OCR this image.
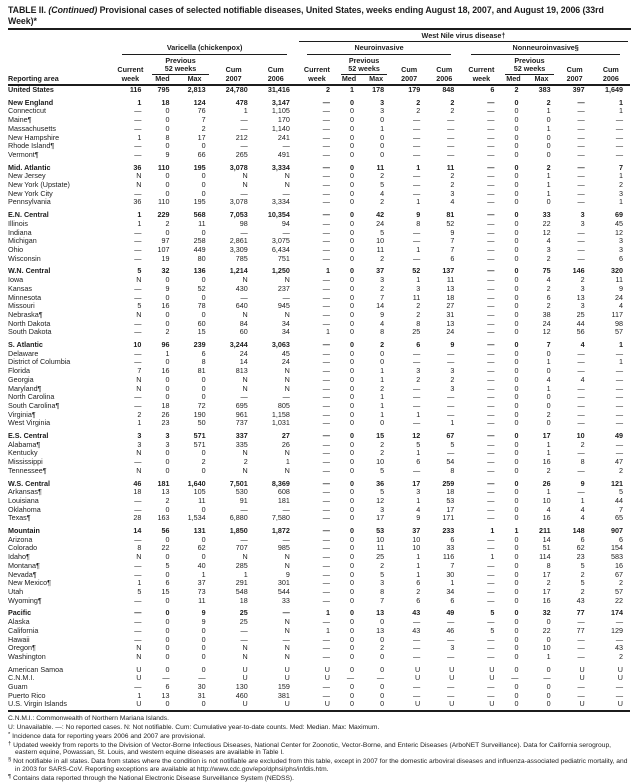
TABLE II. (Continued) Provisional cases of selected notifiable diseases, United States, weeks ending August 18, 2007, and August 19, 2006 (33rd Week)*

						West Nile virus disease†									

	Varicella (chickenpox)					Neuroinvasive					Nonneuroinvasive§				

	Current	
Previous
52 weeks	Cum	Cum	Current	
Previous
52 weeks	Cum	Cum	Current	
Previous
52 weeks	Cum	Cum
Reporting area	week	Med	Max	2007	2006	week	Med	Max	2007	2006	week	Med	Max	2007	2006
United States	116	795	2,813	24,780	31,416	2	1	178	179	848	6	2	383	397	1,649
New England	1	18	124	478	3,147	—	0	3	2	2	—	0	2	—	1
Connecticut	—	0	76	1	1,105	—	0	3	2	2	—	0	1	—	1
Maine¶	—	0	7	—	170	—	0	0	—	—	—	0	0	—	—
Massachusetts	—	0	2	—	1,140	—	0	1	—	—	—	0	1	—	—
New Hampshire	1	8	17	212	241	—	0	0	—	—	—	0	0	—	—
Rhode Island¶	—	0	0	—	—	—	0	0	—	—	—	0	0	—	—
Vermont¶	—	9	66	265	491	—	0	0	—	—	—	0	0	—	—
Mid. Atlantic	36	110	195	3,078	3,334	—	0	11	1	11	—	0	2	—	7
New Jersey	N	0	0	N	N	—	0	2	—	2	—	0	1	—	1
New York (Upstate)	N	0	0	N	N	—	0	5	—	2	—	0	1	—	2
New York City	—	0	0	—	—	—	0	4	—	3	—	0	1	—	3
Pennsylvania	36	110	195	3,078	3,334	—	0	2	1	4	—	0	0	—	1
E.N. Central	1	229	568	7,053	10,354	—	0	42	9	81	—	0	33	3	69
Illinois	1	2	11	98	94	—	0	24	8	52	—	0	22	3	45
Indiana	—	0	0	—	—	—	0	5	—	9	—	0	12	—	12
Michigan	—	97	258	2,861	3,075	—	0	10	—	7	—	0	4	—	3
Ohio	—	107	449	3,309	6,434	—	0	11	1	7	—	0	3	—	3
Wisconsin	—	19	80	785	751	—	0	2	—	6	—	0	2	—	6
W.N. Central	5	32	136	1,214	1,250	1	0	37	52	137	—	0	75	146	320
Iowa	N	0	0	N	N	—	0	3	1	11	—	0	4	2	11
Kansas	—	9	52	430	237	—	0	2	3	13	—	0	2	3	9
Minnesota	—	0	0	—	—	—	0	7	11	18	—	0	6	13	24
Missouri	5	16	78	640	945	—	0	14	2	27	—	0	2	3	4
Nebraska¶	N	0	0	N	N	—	0	9	2	31	—	0	38	25	117
North Dakota	—	0	60	84	34	—	0	4	8	13	—	0	24	44	98
South Dakota	—	2	15	60	34	1	0	8	25	24	—	0	12	56	57
S. Atlantic	10	96	239	3,244	3,063	—	0	2	6	9	—	0	7	4	1
Delaware	—	1	6	24	45	—	0	0	—	—	—	0	0	—	—
District of Columbia	—	0	8	14	24	—	0	0	—	—	—	0	1	—	1
Florida	7	16	81	813	N	—	0	1	3	3	—	0	0	—	—
Georgia	N	0	0	N	N	—	0	1	2	2	—	0	4	4	—
Maryland¶	N	0	0	N	N	—	0	2	—	3	—	0	1	—	—
North Carolina	—	0	0	—	—	—	0	1	—	—	—	0	0	—	—
South Carolina¶	—	18	72	695	805	—	0	1	—	—	—	0	0	—	—
Virginia¶	2	26	190	961	1,158	—	0	1	1	—	—	0	2	—	—
West Virginia	1	23	50	737	1,031	—	0	0	—	1	—	0	0	—	—
E.S. Central	3	3	571	337	27	—	0	15	12	67	—	0	17	10	49
Alabama¶	3	3	571	335	26	—	0	2	5	5	—	0	1	2	—
Kentucky	N	0	0	N	N	—	0	2	1	—	—	0	1	—	—
Mississippi	—	0	2	2	1	—	0	10	6	54	—	0	16	8	47
Tennessee¶	N	0	0	N	N	—	0	5	—	8	—	0	2	—	2
W.S. Central	46	181	1,640	7,501	8,369	—	0	36	17	259	—	0	26	9	121
Arkansas¶	18	13	105	530	608	—	0	5	3	18	—	0	1	—	5
Louisiana	—	2	11	91	181	—	0	12	1	53	—	0	10	1	44
Oklahoma	—	0	0	—	—	—	0	3	4	17	—	0	4	4	7
Texas¶	28	163	1,534	6,880	7,580	—	0	17	9	171	—	0	16	4	65
Mountain	14	56	131	1,850	1,872	—	0	53	37	233	1	1	211	148	907
Arizona	—	0	0	—	—	—	0	10	10	6	—	0	14	6	6
Colorado	8	22	62	707	985	—	0	11	10	33	—	0	51	62	154
Idaho¶	N	0	0	N	N	—	0	25	1	116	1	0	114	23	583
Montana¶	—	5	40	285	N	—	0	2	1	7	—	0	8	5	16
Nevada¶	—	0	1	1	9	—	0	5	1	30	—	0	17	2	67
New Mexico¶	1	6	37	291	301	—	0	3	6	1	—	0	2	5	2
Utah	5	15	73	548	544	—	0	8	2	34	—	0	17	2	57
Wyoming¶	—	0	11	18	33	—	0	7	6	6	—	0	16	43	22
Pacific	—	0	9	25	—	1	0	13	43	49	5	0	32	77	174
Alaska	—	0	9	25	N	—	0	0	—	—	—	0	0	—	—
California	—	0	0	—	N	1	0	13	43	46	5	0	22	77	129
Hawaii	—	0	0	—	—	—	0	0	—	—	—	0	0	—	—
Oregon¶	N	0	0	N	N	—	0	2	—	3	—	0	10	—	43
Washington	N	0	0	N	N	—	0	0	—	—	—	0	1	—	2
American Samoa	U	0	0	U	U	U	0	0	U	U	U	0	0	U	U
C.N.M.I.	U	—	—	U	U	U	—	—	U	U	U	—	—	U	U
Guam	—	6	30	130	159	—	0	0	—	—	—	0	0	—	—
Puerto Rico	1	13	31	460	381	—	0	0	—	—	—	0	0	—	—
U.S. Virgin Islands	U	0	0	U	U	U	0	0	U	U	U	0	0	U	U
C.N.M.I.: Commonwealth of Northern Mariana Islands.
U: Unavailable. —: No reported cases. N: Not notifiable. Cum: Cumulative year-to-date counts. Med: Median. Max: Maximum.
* Incidence data for reporting years 2006 and 2007 are provisional.
† Updated weekly from reports to the Division of Vector-Borne Infectious Diseases, National Center for Zoonotic, Vector-Borne, and Enteric Diseases (ArboNET Surveillance). Data for California serogroup, eastern equine, Powassan, St. Louis, and western equine diseases are available in Table I.
§ Not notifiable in all states. Data from states where the condition is not notifiable are excluded from this table, except in 2007 for the domestic arboviral diseases and influenza-associated pediatric mortality, and in 2003 for SARS-CoV. Reporting exceptions are available at http://www.cdc.gov/epo/dphsi/phs/infdis.htm.
¶ Contains data reported through the National Electronic Disease Surveillance System (NEDSS).
